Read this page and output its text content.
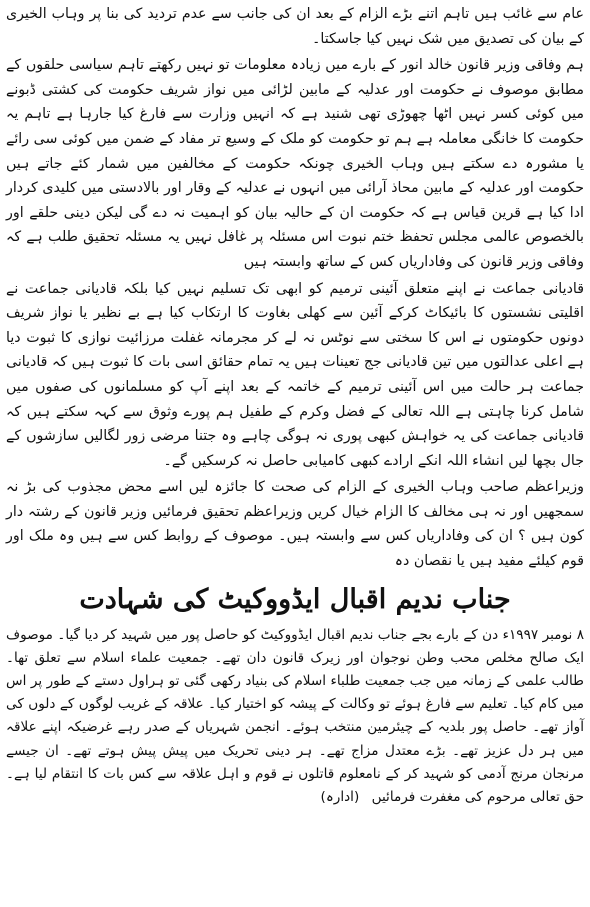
عام سے غائب ہیں تاہم اتنے بڑے الزام کے بعد ان کی جانب سے عدم تردید کی بنا پر وہاب الخیری کے بیان کی تصدیق میں شک نہیں کیا جاسکتا۔

ہم وفاقی وزیر قانون خالد انور کے بارے میں زیادہ معلومات تو نہیں رکھتے تاہم سیاسی حلقوں کے مطابق موصوف نے حکومت اور عدلیہ کے مابین لڑائی میں نواز شریف حکومت کی کشتی ڈبونے میں کوئی کسر نہیں اٹھا چھوڑی تھی شنید ہے کہ انہیں وزارت سے فارغ کیا جارہا ہے تاہم یہ حکومت کا خانگی معاملہ ہے ہم تو حکومت کو ملک کے وسیع تر مفاد کے ضمن میں کوئی سی رائے یا مشورہ دے سکتے ہیں وہاب الخیری چونکہ حکومت کے مخالفین میں شمار کئے جاتے ہیں حکومت اور عدلیہ کے مابین محاذ آرائی میں انہوں نے عدلیہ کے وقار اور بالادستی میں کلیدی کردار ادا کیا ہے قرین قیاس ہے کہ حکومت ان کے حالیہ بیان کو اہمیت نہ دے گی لیکن دینی حلقے اور بالخصوص عالمی مجلس تحفظ ختم نبوت اس مسئلہ پر غافل نہیں یہ مسئلہ تحقیق طلب ہے کہ وفاقی وزیر قانون کی وفاداریاں کس کے ساتھ وابستہ ہیں

قادیانی جماعت نے اپنے متعلق آئینی ترمیم کو ابھی تک تسلیم نہیں کیا بلکہ قادیانی جماعت نے اقلیتی نشستوں کا بائیکاٹ کرکے آئین سے کھلی بغاوت کا ارتکاب کیا ہے بے نظیر یا نواز شریف دونوں حکومتوں نے اس کا سختی سے نوٹس نہ لے کر مجرمانہ غفلت مرزائیت نوازی کا ثبوت دیا ہے اعلی عدالتوں میں تین قادیانی جج تعینات ہیں یہ تمام حقائق اسی بات کا ثبوت ہیں کہ قادیانی جماعت ہر حالت میں اس آئینی ترمیم کے خاتمہ کے بعد اپنے آپ کو مسلمانوں کی صفوں میں شامل کرنا چاہتی ہے اللہ تعالی کے فضل وکرم کے طفیل ہم پورے وثوق سے کہہ سکتے ہیں کہ قادیانی جماعت کی یہ خواہش کبھی پوری نہ ہوگی چاہے وہ جتنا مرضی زور لگالیں سازشوں کے جال بچھا لیں انشاء اللہ انکے ارادے کبھی کامیابی حاصل نہ کرسکیں گے۔

وزیراعظم صاحب وہاب الخیری کے الزام کی صحت کا جائزہ لیں اسے محض مجذوب کی بڑ نہ سمجھیں اور نہ ہی مخالف کا الزام خیال کریں وزیراعظم تحقیق فرمائیں وزیر قانون کے رشتہ دار کون ہیں ؟ ان کی وفاداریاں کس سے وابستہ ہیں۔ موصوف کے روابط کس سے ہیں وہ ملک اور قوم کیلئے مفید ہیں یا نقصان دہ

جناب ندیم اقبال ایڈووکیٹ کی شہادت

۸ نومبر ۱۹۹۷ء دن کے بارے بجے جناب ندیم اقبال ایڈووکیٹ کو حاصل پور میں شہید کر دیا گیا۔ موصوف ایک صالح مخلص محب وطن نوجوان اور زیرک قانون دان تھے۔ جمعیت علماء اسلام سے تعلق تھا۔ طالب علمی کے زمانہ میں جب جمعیت طلباء اسلام کی بنیاد رکھی گئی تو ہراول دستے کے طور پر اس میں کام کیا۔ تعلیم سے فارغ ہوئے تو وکالت کے پیشہ کو اختیار کیا۔ علاقہ کے غریب لوگوں کے دلوں کی آواز تھے۔ حاصل پور بلدیہ کے چیئرمین منتخب ہوئے۔ انجمن شہریاں کے صدر رہے غرضیکہ اپنے علاقہ میں ہر دل عزیز تھے۔ بڑے معتدل مزاج تھے۔ ہر دینی تحریک میں پیش پیش ہوتے تھے۔ ان جیسے مرنجان مرنج آدمی کو شہید کر کے نامعلوم قاتلوں نے قوم و اہل علاقہ سے کس بات کا انتقام لیا ہے۔ حق تعالی مرحوم کی مغفرت فرمائیں (ادارہ)
